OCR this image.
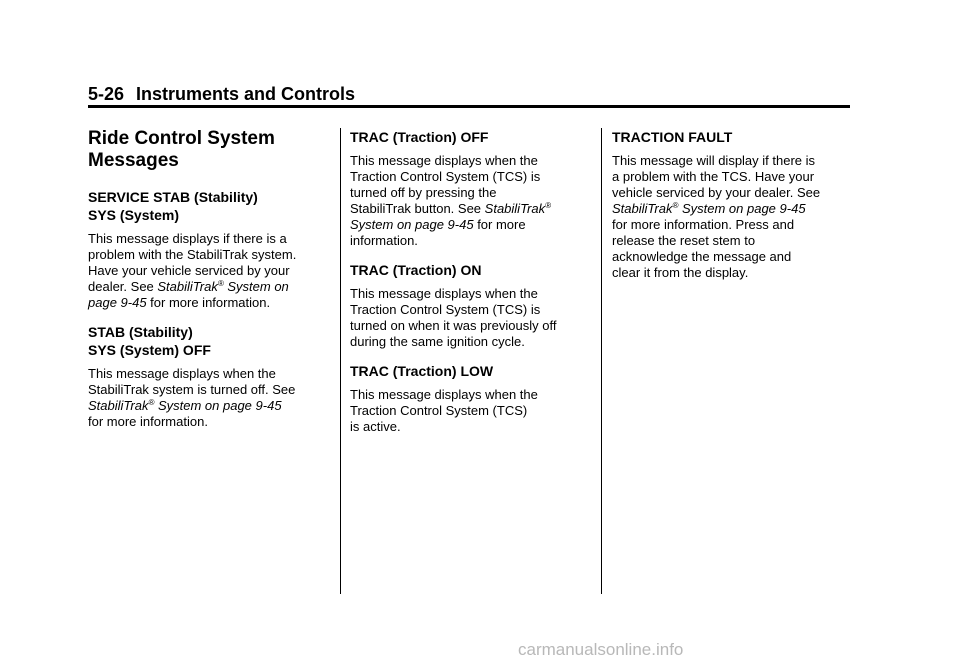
5-26 Instruments and Controls
Ride Control System
Messages
SERVICE STAB (Stability)
SYS (System)

This message displays if there is a
problem with the StabiliTrak system.
Have your vehicle serviced by your
dealer. See StabiliTrak® System on
page 9-45 for more information.

STAB (Stability)
SYS (System) OFF

This message displays when the
StabiliTrak system is turned off. See
StabiliTrak® System on page 9-45
for more information.

TRAC (Traction) OFF

This message displays when the
Traction Control System (TCS) is
turned off by pressing the
StabiliTrak button. See StabiliTrak®
System on page 9-45 for more
information.

TRAC (Traction) ON

This message displays when the
Traction Control System (TCS) is
turned on when it was previously off
during the same ignition cycle.

TRAC (Traction) LOW

This message displays when the
Traction Control System (TCS)
is active.

TRACTION FAULT

This message will display if there is
a problem with the TCS. Have your
vehicle serviced by your dealer. See
StabiliTrak® System on page 9-45
for more information. Press and
release the reset stem to
acknowledge the message and
clear it from the display.

carmanualsonline.info
